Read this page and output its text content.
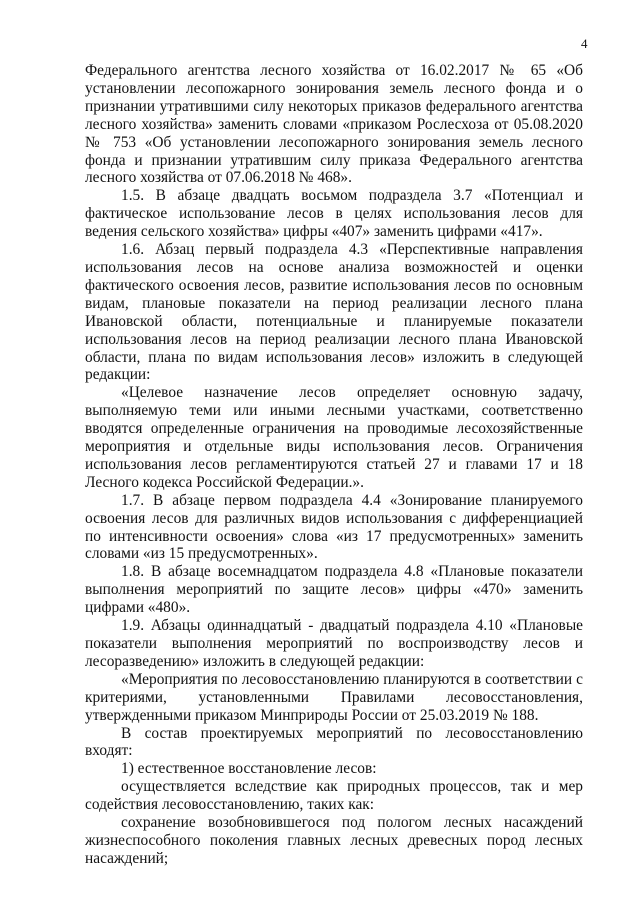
4

Федерального агентства лесного хозяйства от 16.02.2017 № 65 «Об установлении лесопожарного зонирования земель лесного фонда и о признании утратившими силу некоторых приказов федерального агентства лесного хозяйства» заменить словами «приказом Рослесхоза от 05.08.2020 № 753 «Об установлении лесопожарного зонирования земель лесного фонда и признании утратившим силу приказа Федерального агентства лесного хозяйства от 07.06.2018 № 468».

1.5. В абзаце двадцать восьмом подраздела 3.7 «Потенциал и фактическое использование лесов в целях использования лесов для ведения сельского хозяйства» цифры «407» заменить цифрами «417».

1.6. Абзац первый подраздела 4.3 «Перспективные направления использования лесов на основе анализа возможностей и оценки фактического освоения лесов, развитие использования лесов по основным видам, плановые показатели на период реализации лесного плана Ивановской области, потенциальные и планируемые показатели использования лесов на период реализации лесного плана Ивановской области, плана по видам использования лесов» изложить в следующей редакции:

«Целевое назначение лесов определяет основную задачу, выполняемую теми или иными лесными участками, соответственно вводятся определенные ограничения на проводимые лесохозяйственные мероприятия и отдельные виды использования лесов. Ограничения использования лесов регламентируются статьей 27 и главами 17 и 18 Лесного кодекса Российской Федерации.».

1.7. В абзаце первом подраздела 4.4 «Зонирование планируемого освоения лесов для различных видов использования с дифференциацией по интенсивности освоения» слова «из 17 предусмотренных» заменить словами «из 15 предусмотренных».

1.8. В абзаце восемнадцатом подраздела 4.8 «Плановые показатели выполнения мероприятий по защите лесов» цифры «470» заменить цифрами «480».

1.9. Абзацы одиннадцатый - двадцатый подраздела 4.10 «Плановые показатели выполнения мероприятий по воспроизводству лесов и лесоразведению» изложить в следующей редакции:

«Мероприятия по лесовосстановлению планируются в соответствии с критериями, установленными Правилами лесовосстановления, утвержденными приказом Минприроды России от 25.03.2019 № 188.

В состав проектируемых мероприятий по лесовосстановлению входят:

1) естественное восстановление лесов:

осуществляется вследствие как природных процессов, так и мер содействия лесовосстановлению, таких как:

сохранение возобновившегося под пологом лесных насаждений жизнеспособного поколения главных лесных древесных пород лесных насаждений;
